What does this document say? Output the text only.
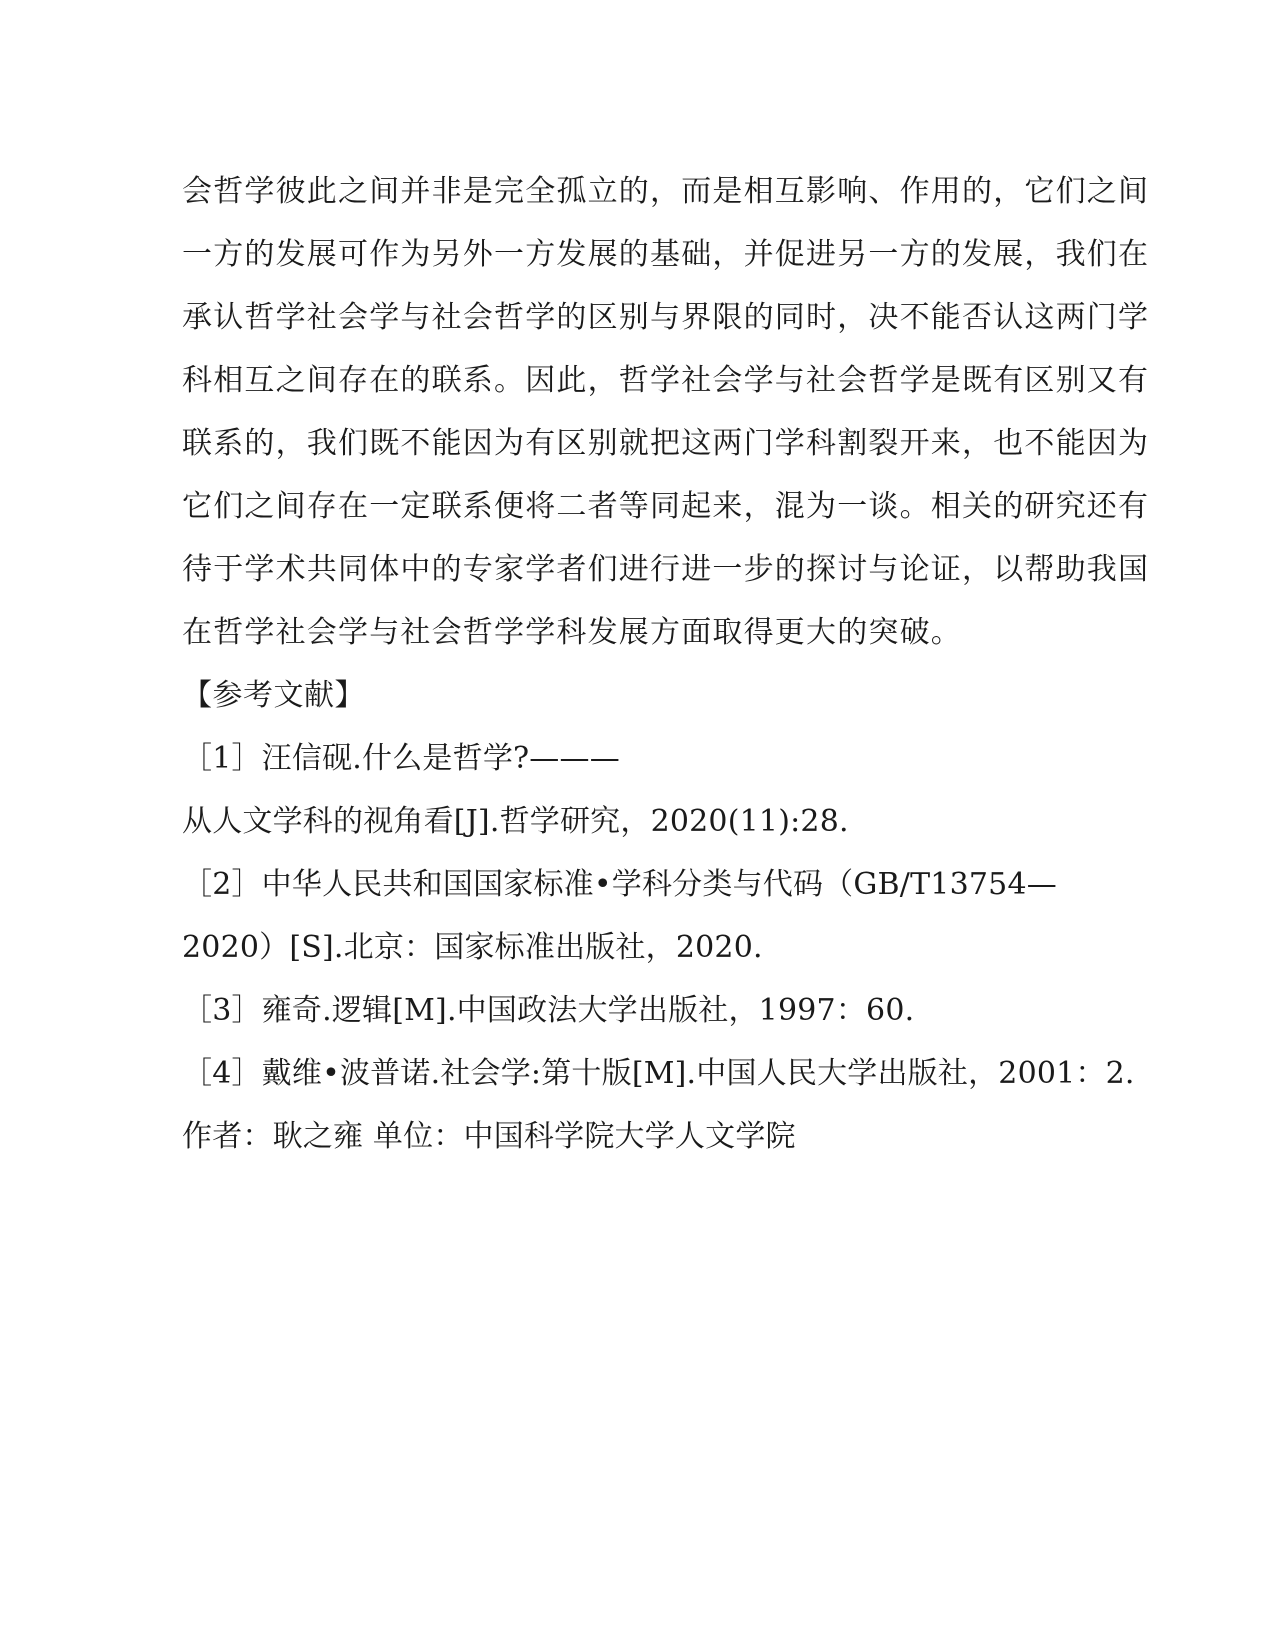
会哲学彼此之间并非是完全孤立的，而是相互影响、作用的，它们之间
一方的发展可作为另外一方发展的基础，并促进另一方的发展，我们在
承认哲学社会学与社会哲学的区别与界限的同时，决不能否认这两门学
科相互之间存在的联系。因此，哲学社会学与社会哲学是既有区别又有
联系的，我们既不能因为有区别就把这两门学科割裂开来，也不能因为
它们之间存在一定联系便将二者等同起来，混为一谈。相关的研究还有
待于学术共同体中的专家学者们进行进一步的探讨与论证，以帮助我国
在哲学社会学与社会哲学学科发展方面取得更大的突破。
【参考文献】
［1］汪信砚.什么是哲学?———
从人文学科的视角看[J].哲学研究，2020(11):28.
［2］中华人民共和国国家标准•学科分类与代码（GB/T13754—
2020）[S].北京：国家标准出版社，2020.
［3］雍奇.逻辑[M].中国政法大学出版社，1997：60.
［4］戴维•波普诺.社会学:第十版[M].中国人民大学出版社，2001：2.
作者：耿之雍 单位：中国科学院大学人文学院
